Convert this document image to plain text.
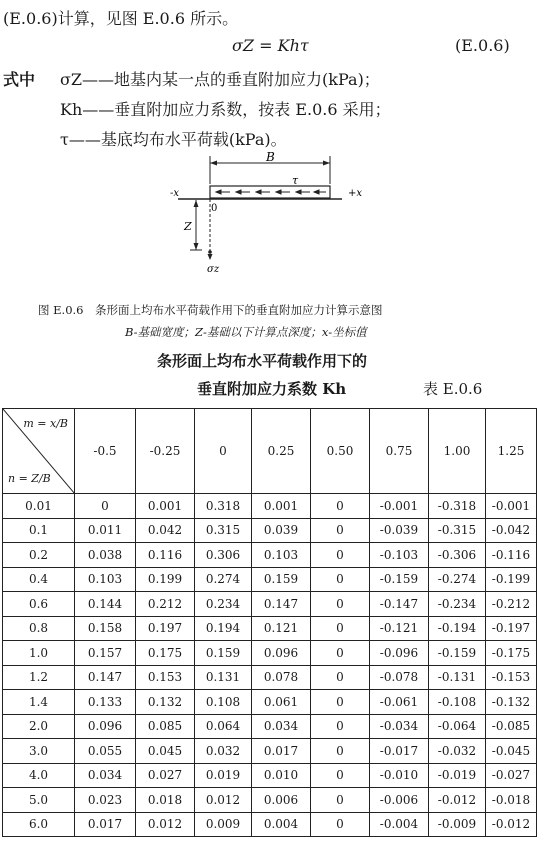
(E.0.6)计算，见图 E.0.6 所示。
σZ = Khτ	(E.0.6)
式中 σZ——地基内某一点的垂直附加应力(kPa)；
Kh——垂直附加应力系数，按表 E.0.6 采用；
τ——基底均布水平荷载(kPa)。
B
τ
-x	+x
0
Z
σz
图 E.0.6　条形面上均布水平荷载作用下的垂直附加应力计算示意图
B-基础宽度；Z-基础以下计算点深度；x-坐标值
条形面上均布水平荷载作用下的
垂直附加应力系数 Kh	表 E.0.6
m = x/B
n = Z/B	-0.5	-0.25	0	0.25	0.50	0.75	1.00	1.25
0.01	0	0.001	0.318	0.001	0	-0.001	-0.318	-0.001
0.1	0.011	0.042	0.315	0.039	0	-0.039	-0.315	-0.042
0.2	0.038	0.116	0.306	0.103	0	-0.103	-0.306	-0.116
0.4	0.103	0.199	0.274	0.159	0	-0.159	-0.274	-0.199
0.6	0.144	0.212	0.234	0.147	0	-0.147	-0.234	-0.212
0.8	0.158	0.197	0.194	0.121	0	-0.121	-0.194	-0.197
1.0	0.157	0.175	0.159	0.096	0	-0.096	-0.159	-0.175
1.2	0.147	0.153	0.131	0.078	0	-0.078	-0.131	-0.153
1.4	0.133	0.132	0.108	0.061	0	-0.061	-0.108	-0.132
2.0	0.096	0.085	0.064	0.034	0	-0.034	-0.064	-0.085
3.0	0.055	0.045	0.032	0.017	0	-0.017	-0.032	-0.045
4.0	0.034	0.027	0.019	0.010	0	-0.010	-0.019	-0.027
5.0	0.023	0.018	0.012	0.006	0	-0.006	-0.012	-0.018
6.0	0.017	0.012	0.009	0.004	0	-0.004	-0.009	-0.012
